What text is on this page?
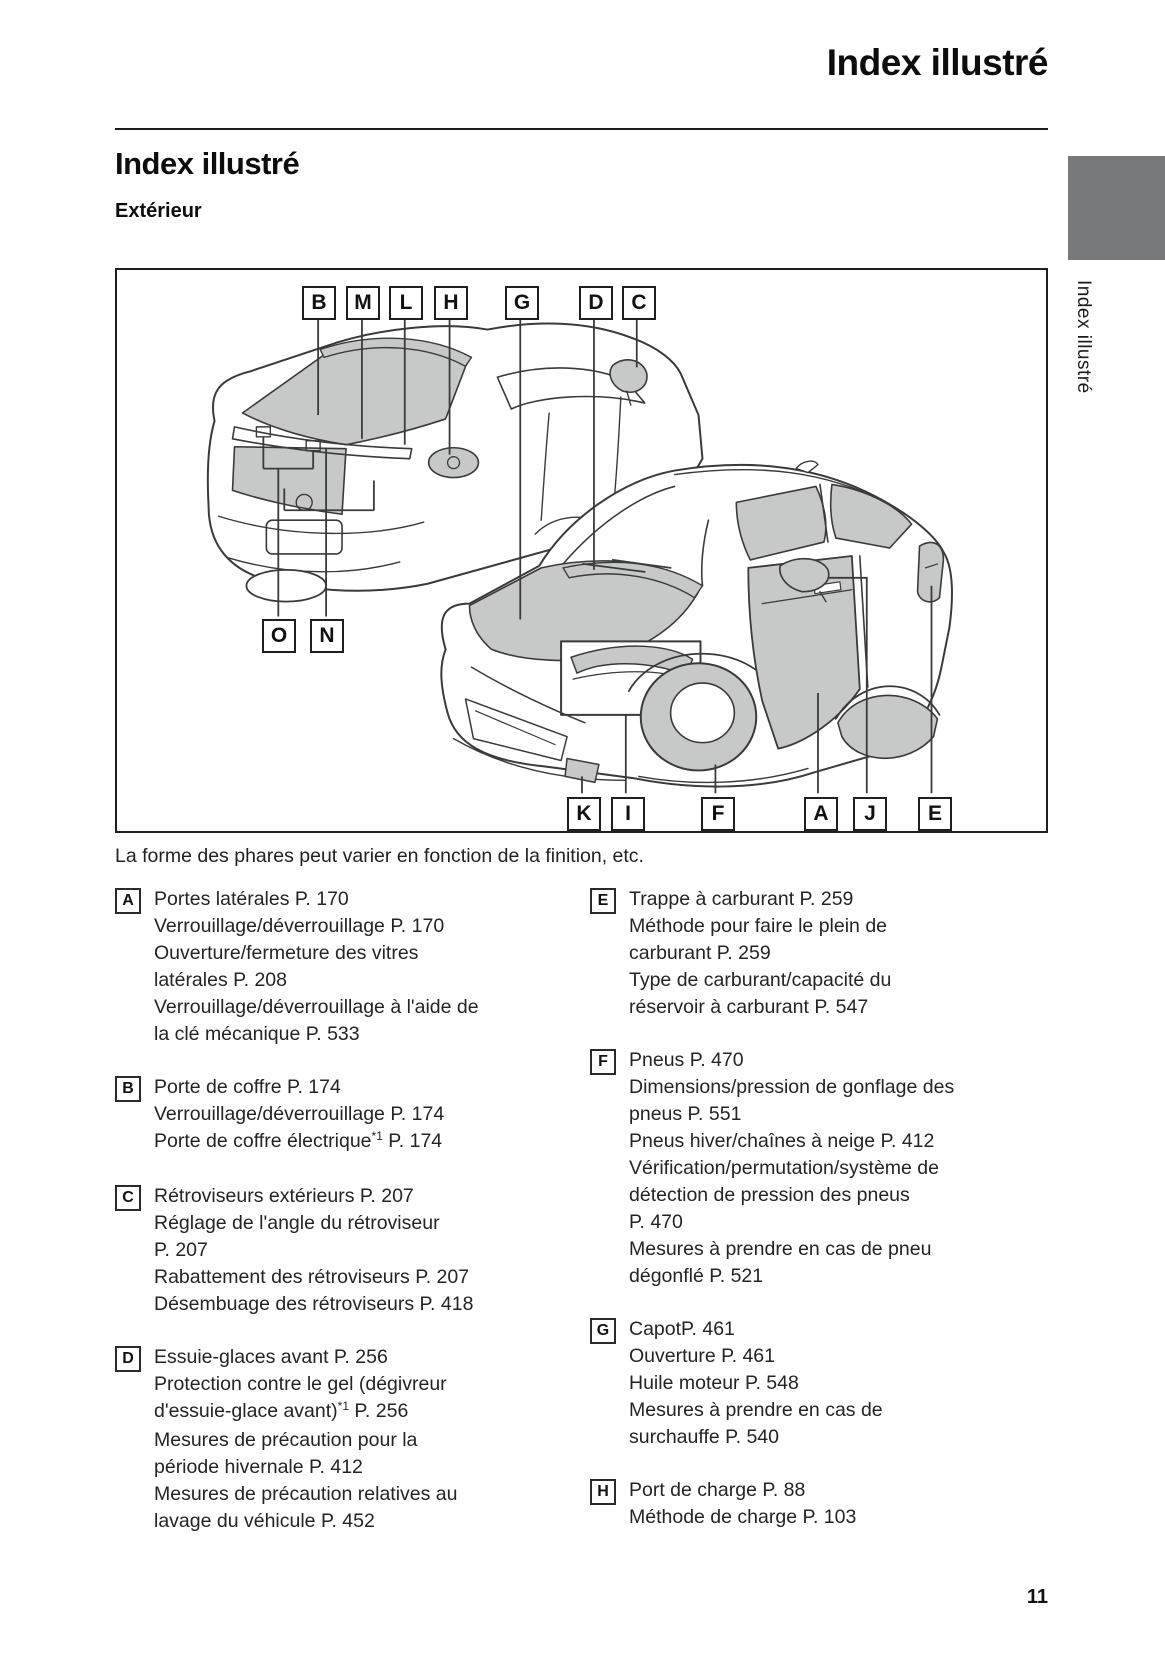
Index illustré
Index illustré
Extérieur
Index illustré
B	M	L	H	G	D	C
O	N
K	I	F	A	J	E
La forme des phares peut varier en fonction de la finition, etc.
A	Portes latérales P. 170
Verrouillage/déverrouillage P. 170
Ouverture/fermeture des vitres
latérales P. 208
Verrouillage/déverrouillage à l'aide de
la clé mécanique P. 533
B	Porte de coffre P. 174
Verrouillage/déverrouillage P. 174
Porte de coffre électrique$^{*1}$ P. 174
C	Rétroviseurs extérieurs P. 207
Réglage de l'angle du rétroviseur
P. 207
Rabattement des rétroviseurs P. 207
Désembuage des rétroviseurs P. 418
D	Essuie-glaces avant P. 256
Protection contre le gel (dégivreur
d'essuie-glace avant)$^{*1}$ P. 256
Mesures de précaution pour la
période hivernale P. 412
Mesures de précaution relatives au
lavage du véhicule P. 452
E	Trappe à carburant P. 259
Méthode pour faire le plein de
carburant P. 259
Type de carburant/capacité du
réservoir à carburant P. 547
F	Pneus P. 470
Dimensions/pression de gonflage des
pneus P. 551
Pneus hiver/chaînes à neige P. 412
Vérification/permutation/système de
détection de pression des pneus
P. 470
Mesures à prendre en cas de pneu
dégonflé P. 521
G	CapotP. 461
Ouverture P. 461
Huile moteur P. 548
Mesures à prendre en cas de
surchauffe P. 540
H	Port de charge P. 88
Méthode de charge P. 103
11
